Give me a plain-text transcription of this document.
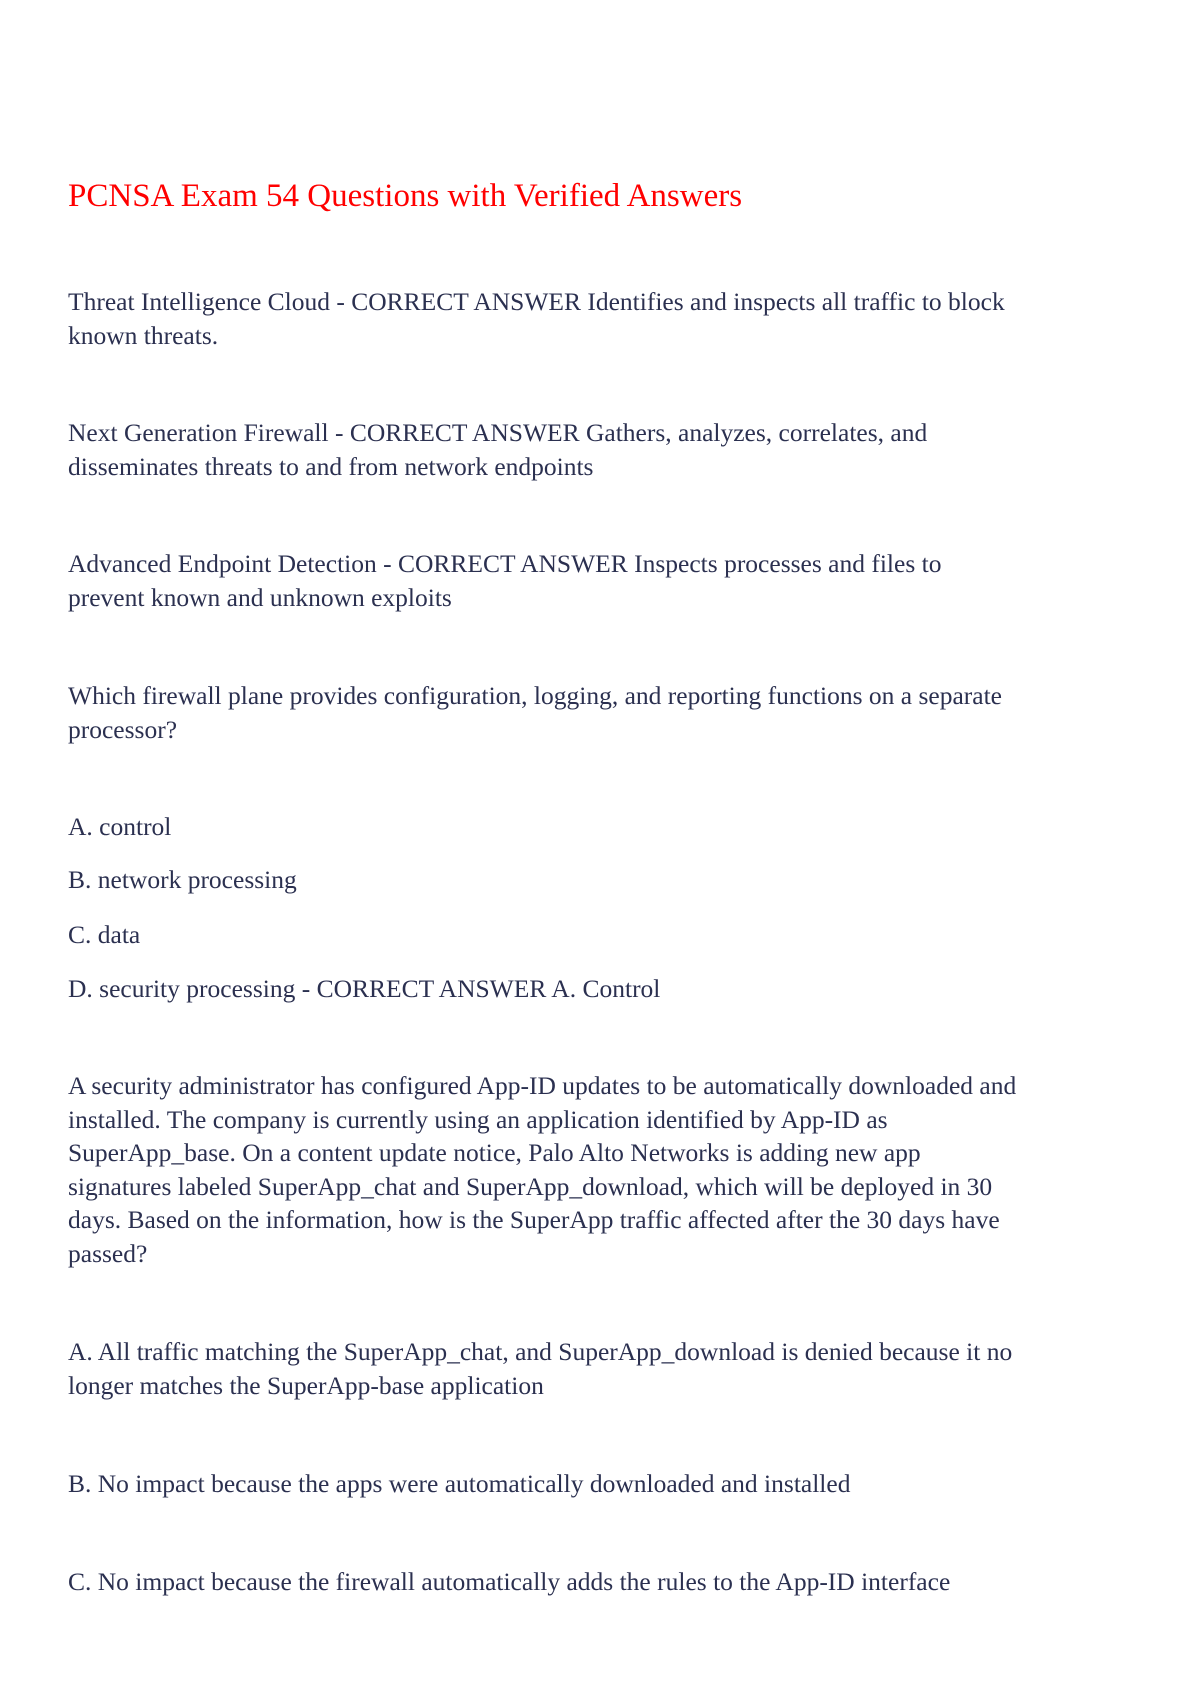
PCNSA Exam 54 Questions with Verified Answers
Threat Intelligence Cloud - CORRECT ANSWER Identifies and inspects all traffic to block
known threats.
Next Generation Firewall - CORRECT ANSWER Gathers, analyzes, correlates, and
disseminates threats to and from network endpoints
Advanced Endpoint Detection - CORRECT ANSWER Inspects processes and files to
prevent known and unknown exploits
Which firewall plane provides configuration, logging, and reporting functions on a separate
processor?
A. control
B. network processing
C. data
D. security processing - CORRECT ANSWER A. Control
A security administrator has configured App-ID updates to be automatically downloaded and
installed. The company is currently using an application identified by App-ID as
SuperApp_base. On a content update notice, Palo Alto Networks is adding new app
signatures labeled SuperApp_chat and SuperApp_download, which will be deployed in 30
days. Based on the information, how is the SuperApp traffic affected after the 30 days have
passed?
A. All traffic matching the SuperApp_chat, and SuperApp_download is denied because it no
longer matches the SuperApp-base application
B. No impact because the apps were automatically downloaded and installed
C. No impact because the firewall automatically adds the rules to the App-ID interface
